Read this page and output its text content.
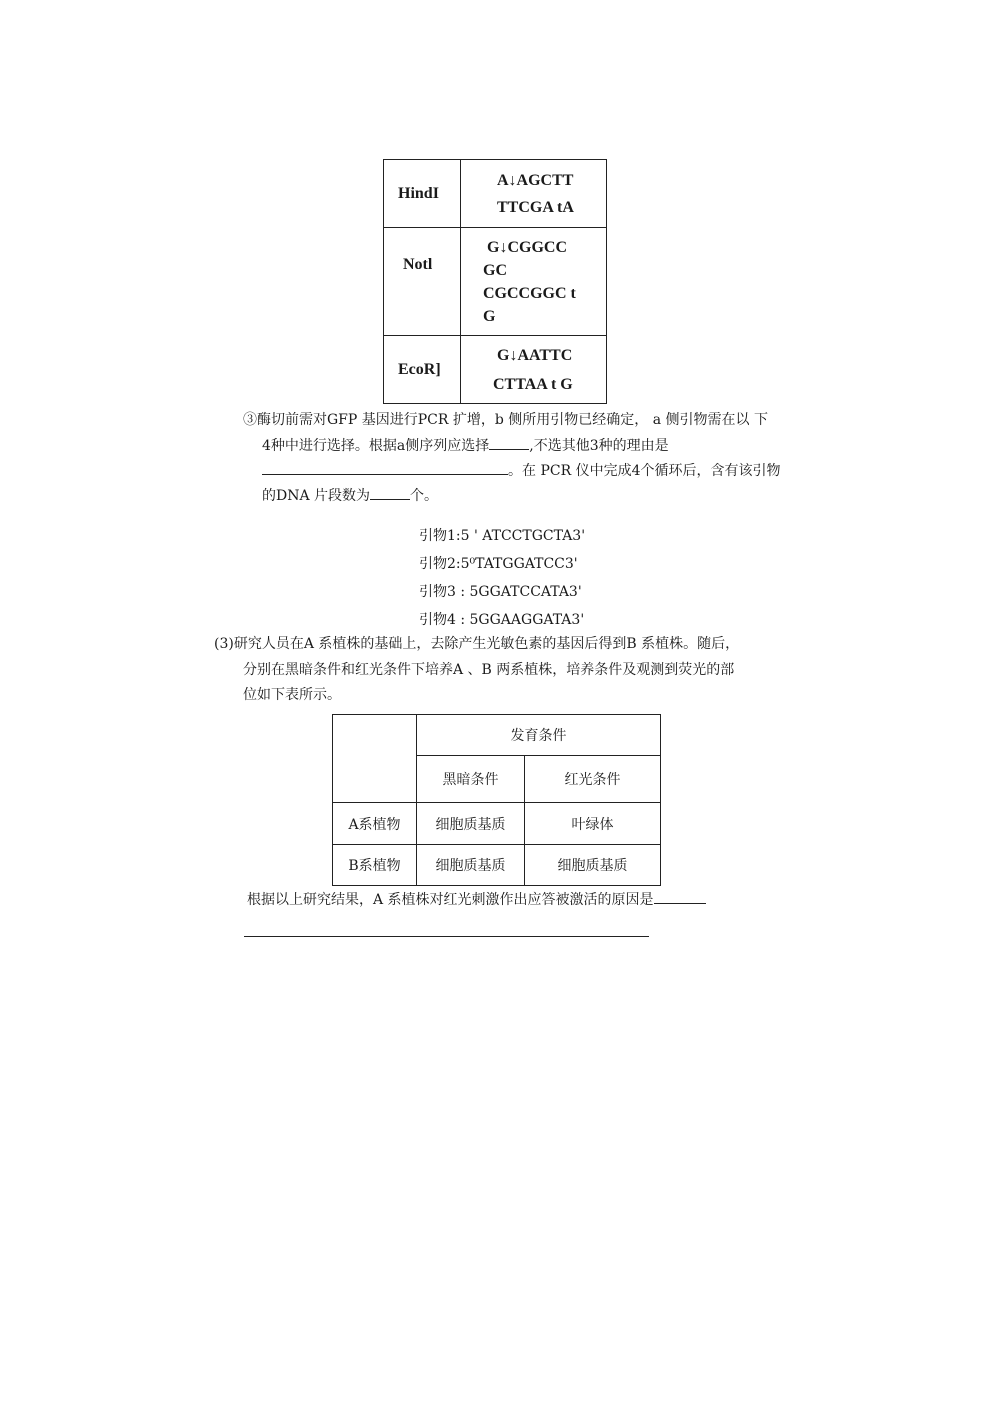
HindI	A↓AGCTT
TTCGA tA

Notl	G↓CGGCC
GC
CGCCGGC t
G

EcoR]	G↓AATTC
CTTAA t G
③酶切前需对GFP 基因进行PCR 扩增，b 侧所用引物已经确定， a 侧引物需在以 下
4种中进行选择。根据a侧序列应选择	,不选其他3种的理由是
。在 PCR 仪中完成4个循环后，含有该引物
的DNA 片段数为	个。
引物1:5 ' ATCCTGCTA3'
引物2:5⁰TATGGATCC3'
引物3 : 5GGATCCATA3'
引物4 : 5GGAAGGATA3'
(3)研究人员在A 系植株的基础上，去除产生光敏色素的基因后得到B 系植株。随后，
分别在黑暗条件和红光条件下培养A 、B 两系植株，培养条件及观测到荧光的部
位如下表所示。
	发育条件	
	黑暗条件	红光条件
A系植物	细胞质基质	叶绿体
B系植物	细胞质基质	细胞质基质
根据以上研究结果，A 系植株对红光刺激作出应答被激活的原因是
